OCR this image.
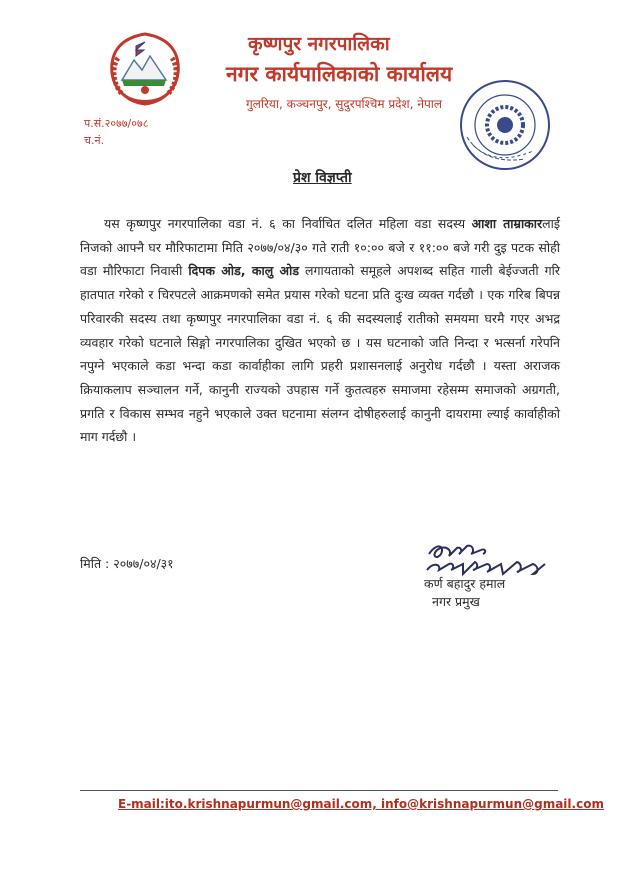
कृष्णपुर नगरपालिका
नगर कार्यपालिकाको कार्यालय
गुलरिया, कञ्चनपुर, सुदुरपश्चिम प्रदेश, नेपाल
प.सं.२०७७/०७८
च.नं.
प्रेश विज्ञप्ती
यस कृष्णपुर नगरपालिका वडा नं. ६ का निर्वाचित दलित महिला वडा सदस्य आशा ताम्राकारलाई निजको आफ्नै घर मौरिफाटामा मिति २०७७/०४/३० गते राती १०:०० बजे र ११:०० बजे गरी दुइ पटक सोही वडा मौरिफाटा निवासी दिपक ओड, कालु ओड लगायताको समूहले अपशब्द सहित गाली बेईज्जती गरि हातपात गरेको र चिरपटले आक्रमणको समेत प्रयास गरेको घटना प्रति दुःख व्यक्त गर्दछौ । एक गरिब बिपन्न परिवारकी सदस्य तथा कृष्णपुर नगरपालिका वडा नं. ६ की सदस्यलाई रातीको समयमा घरमै गएर अभद्र व्यवहार गरेको घटनाले सिङ्गो नगरपालिका दुखित भएको छ । यस घटनाको जति निन्दा र भत्सर्ना गरेपनि नपुग्ने भएकाले कडा भन्दा कडा कार्वाहीका लागि प्रहरी प्रशासनलाई अनुरोध गर्दछौ । यस्ता अराजक क्रियाकलाप सञ्चालन गर्ने, कानुनी राज्यको उपहास गर्ने कुतत्वहरु समाजमा रहेसम्म समाजको अग्रगती, प्रगति र विकास सम्भव नहुने भएकाले उक्त घटनामा संलग्न दोषीहरुलाई कानुनी दायरामा ल्याई कार्वाहीको माग गर्दछौ ।
मिति : २०७७/०४/३१
कर्ण बहादुर हमाल
नगर प्रमुख
E-mail:ito.krishnapurmun@gmail.com, info@krishnapurmun@gmail.com
